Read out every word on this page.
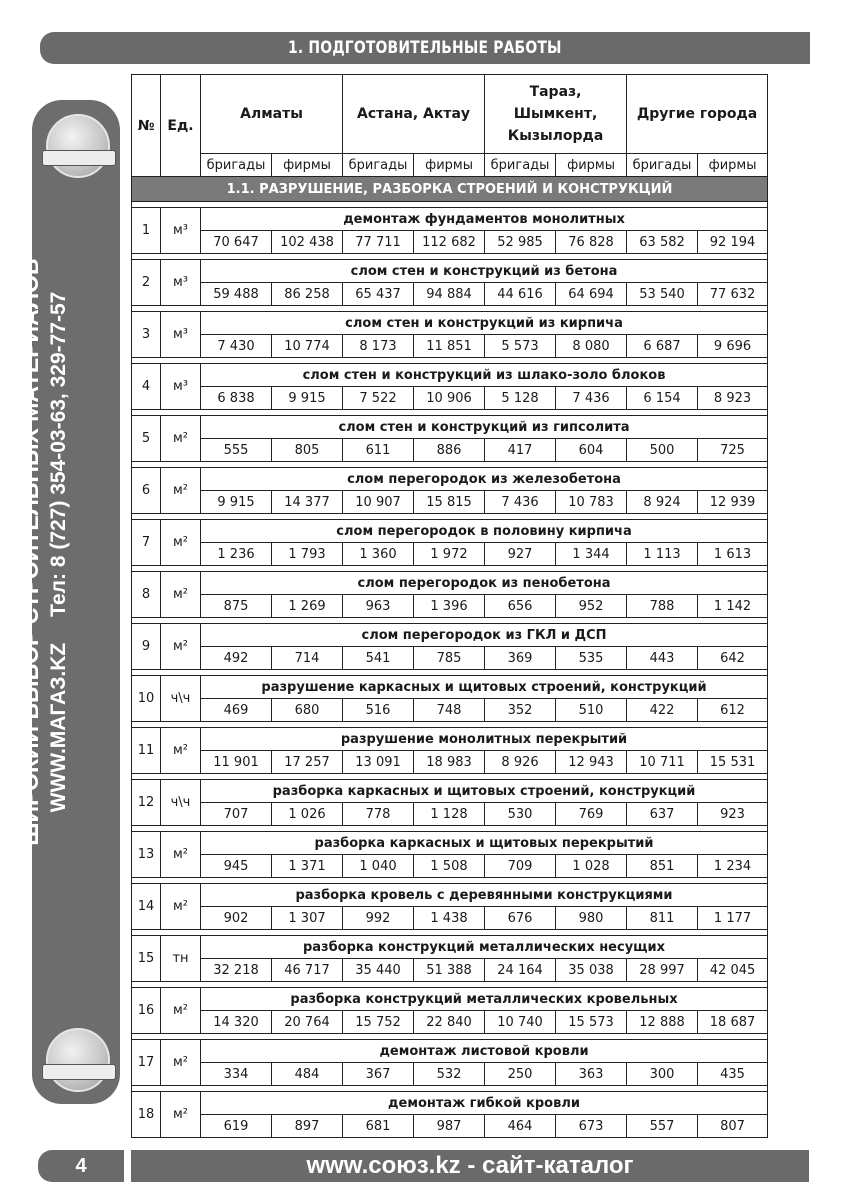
1. ПОДГОТОВИТЕЛЬНЫЕ РАБОТЫ
ШИРОКИЙ ВЫБОР СТРОИТЕЛЬНЫХ МАТЕРИАЛОВ WWW.МАГАЗ.KZТел: 8 (727) 354-03-63, 329-77-57
№	Ед.	Алматы		Астана, Актау		Тараз, Шымкент, Кызылорда		Другие города	
		бригады	фирмы	бригады	фирмы	бригады	фирмы	бригады	фирмы
1.1. РАЗРУШЕНИЕ, РАЗБОРКА СТРОЕНИЙ И КОНСТРУКЦИЙ									

1	м³	демонтаж фундаментов монолитных							
		70 647	102 438	77 711	112 682	52 985	76 828	63 582	92 194

2	м³	слом стен и конструкций из бетона							
		59 488	86 258	65 437	94 884	44 616	64 694	53 540	77 632

3	м³	слом стен и конструкций из кирпича							
		7 430	10 774	8 173	11 851	5 573	8 080	6 687	9 696

4	м³	слом стен и конструкций из шлако-золо блоков							
		6 838	9 915	7 522	10 906	5 128	7 436	6 154	8 923

5	м²	слом стен и конструкций из гипсолита							
		555	805	611	886	417	604	500	725

6	м²	слом перегородок из железобетона							
		9 915	14 377	10 907	15 815	7 436	10 783	8 924	12 939

7	м²	слом перегородок в половину кирпича							
		1 236	1 793	1 360	1 972	927	1 344	1 113	1 613

8	м²	слом перегородок из пенобетона							
		875	1 269	963	1 396	656	952	788	1 142

9	м²	слом перегородок из ГКЛ и ДСП							
		492	714	541	785	369	535	443	642

10	ч\ч	разрушение каркасных и щитовых строений, конструкций							
		469	680	516	748	352	510	422	612

11	м²	разрушение монолитных перекрытий							
		11 901	17 257	13 091	18 983	8 926	12 943	10 711	15 531

12	ч\ч	разборка каркасных и щитовых строений, конструкций							
		707	1 026	778	1 128	530	769	637	923

13	м²	разборка каркасных и щитовых перекрытий							
		945	1 371	1 040	1 508	709	1 028	851	1 234

14	м²	разборка кровель с деревянными конструкциями							
		902	1 307	992	1 438	676	980	811	1 177

15	тн	разборка конструкций металлических несущих							
		32 218	46 717	35 440	51 388	24 164	35 038	28 997	42 045

16	м²	разборка конструкций металлических кровельных							
		14 320	20 764	15 752	22 840	10 740	15 573	12 888	18 687

17	м²	демонтаж листовой кровли							
		334	484	367	532	250	363	300	435

18	м²	демонтаж гибкой кровли							
		619	897	681	987	464	673	557	807
4	www.союз.kz - сайт-каталог
